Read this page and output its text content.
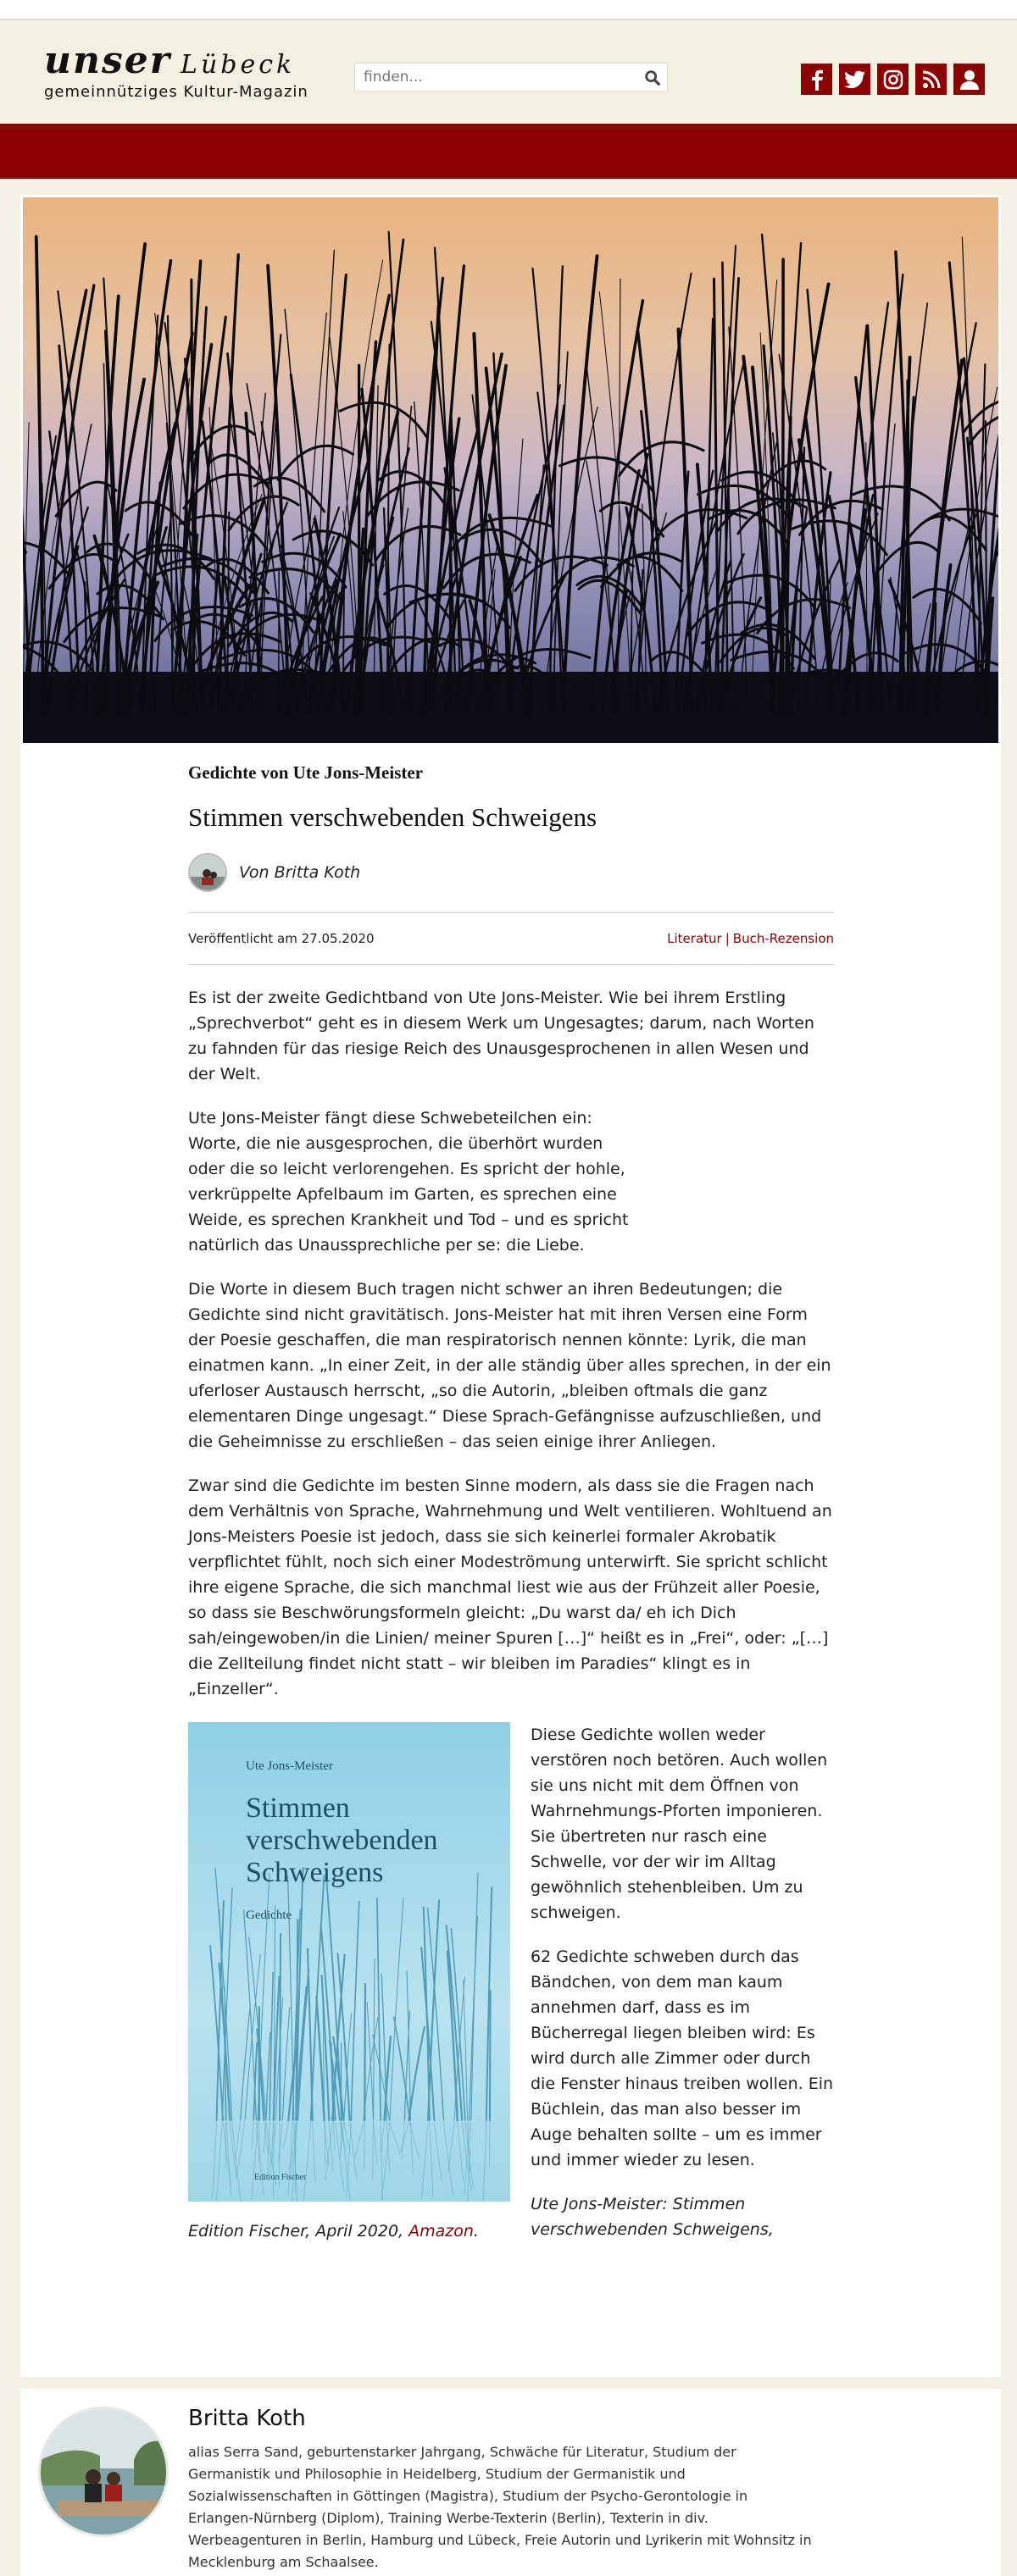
unser Lübeck
gemeinnütziges Kultur-Magazin
finden...

Gedichte von Ute Jons-Meister

Stimmen verschwebenden Schweigens
Von Britta Koth
Veröffentlicht am 27.05.2020	Literatur | Buch-Rezension

Es ist der zweite Gedichtband von Ute Jons-Meister. Wie bei ihrem Erstling „Sprechverbot“ geht es in diesem Werk um Ungesagtes; darum, nach Worten zu fahnden für das riesige Reich des Unausgesprochenen in allen Wesen und der Welt.

Ute Jons-Meister fängt diese Schwebeteilchen ein: Worte, die nie ausgesprochen, die überhört wurden oder die so leicht verlorengehen. Es spricht der hohle, verkrüppelte Apfelbaum im Garten, es sprechen eine Weide, es sprechen Krankheit und Tod – und es spricht natürlich das Unaussprechliche per se: die Liebe.

Die Worte in diesem Buch tragen nicht schwer an ihren Bedeutungen; die Gedichte sind nicht gravitätisch. Jons-Meister hat mit ihren Versen eine Form der Poesie geschaffen, die man respiratorisch nennen könnte: Lyrik, die man einatmen kann. „In einer Zeit, in der alle ständig über alles sprechen, in der ein uferloser Austausch herrscht, „so die Autorin, „bleiben oftmals die ganz elementaren Dinge ungesagt.“ Diese Sprach-Gefängnisse aufzuschließen, und die Geheimnisse zu erschließen – das seien einige ihrer Anliegen.

Zwar sind die Gedichte im besten Sinne modern, als dass sie die Fragen nach dem Verhältnis von Sprache, Wahrnehmung und Welt ventilieren. Wohltuend an Jons-Meisters Poesie ist jedoch, dass sie sich keinerlei formaler Akrobatik verpflichtet fühlt, noch sich einer Modeströmung unterwirft. Sie spricht schlicht ihre eigene Sprache, die sich manchmal liest wie aus der Frühzeit aller Poesie, so dass sie Beschwörungsformeln gleicht: „Du warst da/ eh ich Dich sah/eingewoben/in die Linien/ meiner Spuren […]“ heißt es in „Frei“, oder: „[…] die Zellteilung findet nicht statt – wir bleiben im Paradies“ klingt es in „Einzeller“.

Ute Jons-Meister
Stimmen
verschwebenden
Schweigens
Gedichte
Edition Fischer

Diese Gedichte wollen weder verstören noch betören. Auch wollen sie uns nicht mit dem Öffnen von Wahrnehmungs-Pforten imponieren. Sie übertreten nur rasch eine Schwelle, vor der wir im Alltag gewöhnlich stehenbleiben. Um zu schweigen.

62 Gedichte schweben durch das Bändchen, von dem man kaum annehmen darf, dass es im Bücherregal liegen bleiben wird: Es wird durch alle Zimmer oder durch die Fenster hinaus treiben wollen. Ein Büchlein, das man also besser im Auge behalten sollte – um es immer und immer wieder zu lesen.

Ute Jons-Meister: Stimmen verschwebenden Schweigens,

Edition Fischer, April 2020, Amazon.
Britta Koth

alias Serra Sand, geburtenstarker Jahrgang, Schwäche für Literatur, Studium der Germanistik und Philosophie in Heidelberg, Studium der Germanistik und Sozialwissenschaften in Göttingen (Magistra), Studium der Psycho-Gerontologie in Erlangen-Nürnberg (Diplom), Training Werbe-Texterin (Berlin), Texterin in div. Werbeagenturen in Berlin, Hamburg und Lübeck, Freie Autorin und Lyrikerin mit Wohnsitz in Mecklenburg am Schaalsee.
